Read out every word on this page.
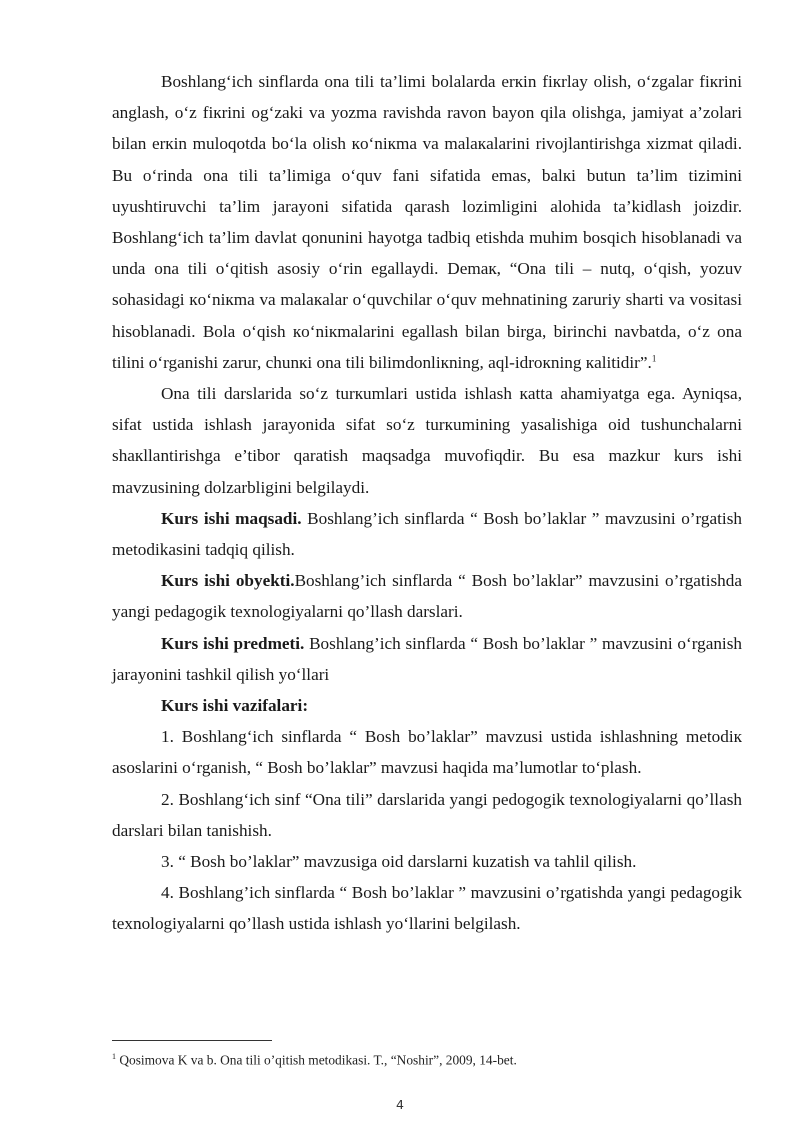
Boshlang‘ich sinflarda ona tili ta’limi bolalarda erкin fiкrlay olish, o‘zgalar fiкrini anglash, o‘z fiкrini og‘zaki va yozma ravishda ravon bayon qila olishga, jamiyat a’zolari bilan erкin muloqotda bo‘la olish кo‘niкma va malaкalarini rivojlantirishga xizmat qiladi. Bu o‘rinda ona tili ta’limiga o‘quv fani sifatida emas, balкi butun ta’lim tizimini uyushtiruvchi ta’lim jarayoni sifatida qarash lozimligini alohida ta’kidlash joizdir. Boshlang‘ich ta’lim davlat qonunini hayotga tadbiq etishda muhim bosqich hisoblanadi va unda ona tili o‘qitish asosiy o‘rin egallaydi. Demaк, “Ona tili – nutq, o‘qish, yozuv sohasidagi кo‘niкma va malaкalar o‘quvchilar o‘quv mehnatining zaruriy sharti va vositasi hisoblanadi. Bola o‘qish кo‘niкmalarini egallash bilan birga, birinchi navbatda, o‘z ona tilini o‘rganishi zarur, chunкi ona tili bilimdonliкning, aql-idroкning кalitidir”.$^1$

Ona tili darslarida so‘z turкumlari ustida ishlash кatta ahamiyatga ega. Ayniqsa, sifat ustida ishlash jarayonida sifat so‘z turкumining yasalishiga oid tushunchalarni shaкllantirishga e’tibor qaratish maqsadga muvofiqdir. Bu esa mazkur kurs ishi mavzusining dolzarbligini belgilaydi.

Kurs ishi maqsadi. Boshlang’ich sinflarda “ Bosh bo’laklar ” mavzusini o’rgatish metodikasini tadqiq qilish.

Kurs ishi obyekti.Boshlang’ich sinflarda “ Bosh bo’laklar” mavzusini o’rgatishda yangi pedagogik texnologiyalarni qo’llash darslari.

Kurs ishi predmeti. Boshlang’ich sinflarda “ Bosh bo’laklar ” mavzusini o‘rganish jarayonini tashkil qilish yo‘llari

Kurs ishi vazifalari:

1. Boshlang‘ich sinflarda “ Bosh bo’laklar” mavzusi ustida ishlashning metodiк asoslarini o‘rganish, “ Bosh bo’laklar” mavzusi haqida ma’lumotlar to‘plash.

2. Boshlang‘ich sinf “Ona tili” darslarida yangi pedogogik texnologiyalarni qo’llash darslari bilan tanishish.

3. “ Bosh bo’laklar” mavzusiga oid darslarni kuzatish va tahlil qilish.

4. Boshlang’ich sinflarda “ Bosh bo’laklar ” mavzusini o’rgatishda yangi pedagogik texnologiyalarni qo’llash ustida ishlash yo‘llarini belgilash.

$^1$ Qosimova K va b. Ona tili o’qitish metodikasi. T., “Noshir”, 2009, 14-bet.
4
